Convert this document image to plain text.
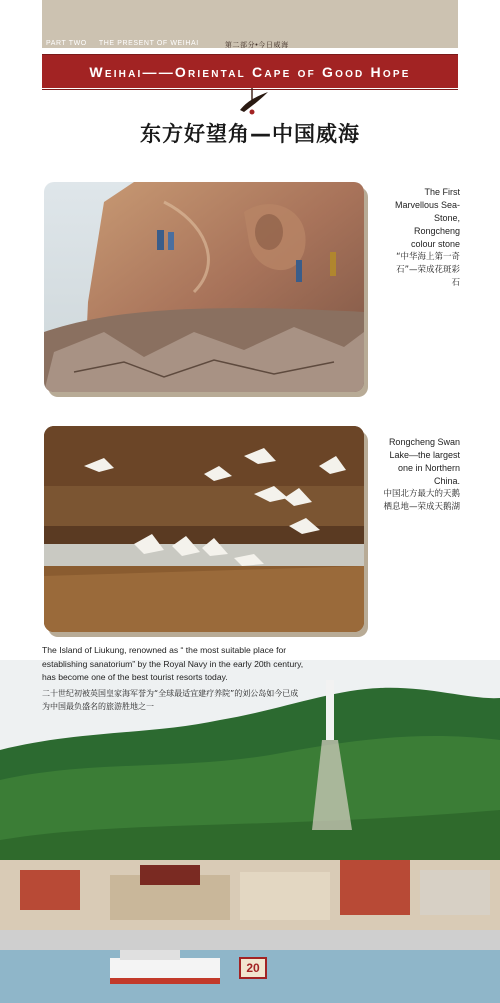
PART TWO THE PRESENT OF WEIHAI	第二部分•今日威海
Weihai——Oriental Cape of Good Hope
东方好望角—中国威海
The First Marvellous Sea-Stone, Rongcheng colour stone
“中华海上第一奇石”—荣成花斑彩石
Rongcheng Swan Lake—the largest one in Northern China.
中国北方最大的天鹅栖息地—荣成天鹅湖
The Island of Liukung, renowned as “ the most suitable place for establishing sanatorium” by the Royal Navy in the early 20th century, has become one of the best tourist resorts today.
二十世纪初被英国皇家海军誉为“全球最适宜建疗养院”的刘公岛如今已成为中国最负盛名的旅游胜地之一
20
